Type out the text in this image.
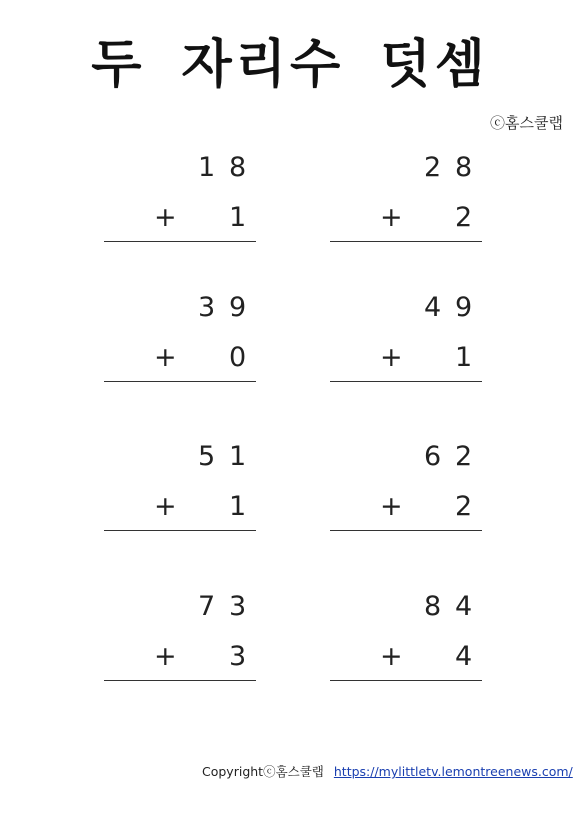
두 자리수 덧셈
ⓒ홈스쿨랩
1 8
+ 1
2 8
+ 2
3 9
+ 0
4 9
+ 1
5 1
+ 1
6 2
+ 2
7 3
+ 3
8 4
+ 4
Copyrightⓒ홈스쿨랩 https://mylittletv.lemontreenews.com/
